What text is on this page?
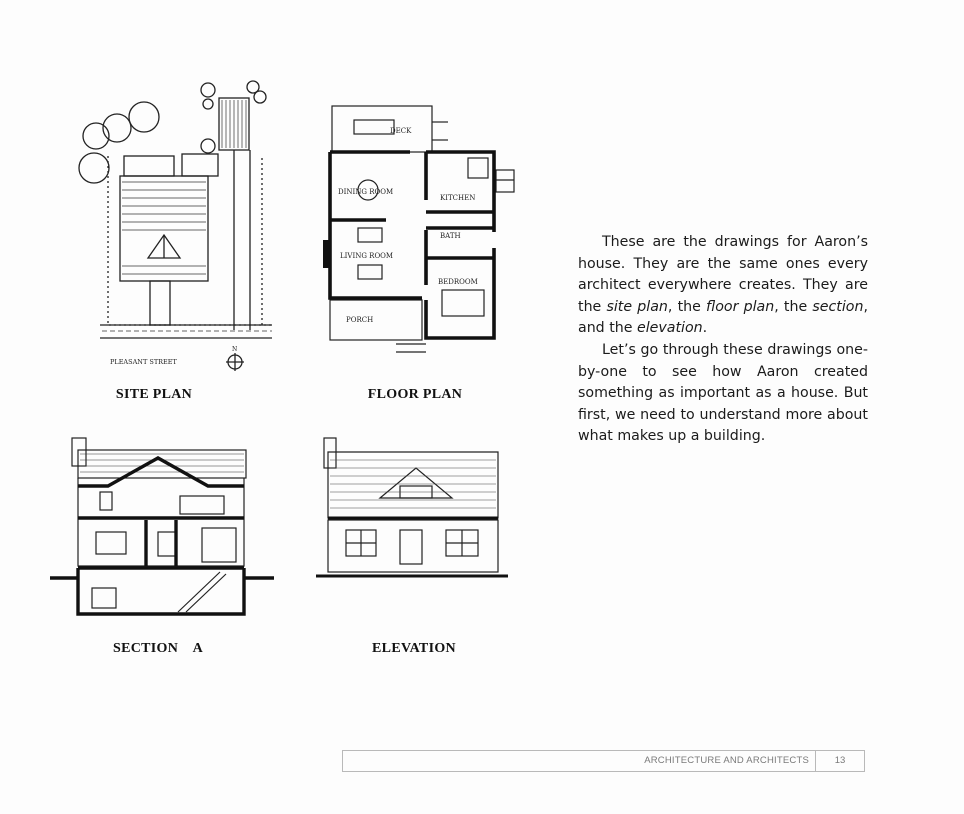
PLEASANT STREET
N
DECK
DINING ROOM
KITCHEN
BATH
LIVING ROOM
BEDROOM
PORCH
SITE PLAN	FLOOR PLAN
SECTION    A	ELEVATION

These are the drawings for Aaron’s house. They are the same ones every architect everywhere creates. They are the site plan, the floor plan, the section, and the elevation.

Let’s go through these drawings one-by-one to see how Aaron created something as important as a house. But first, we need to understand more about what makes up a building.

ARCHITECTURE AND ARCHITECTS	13
